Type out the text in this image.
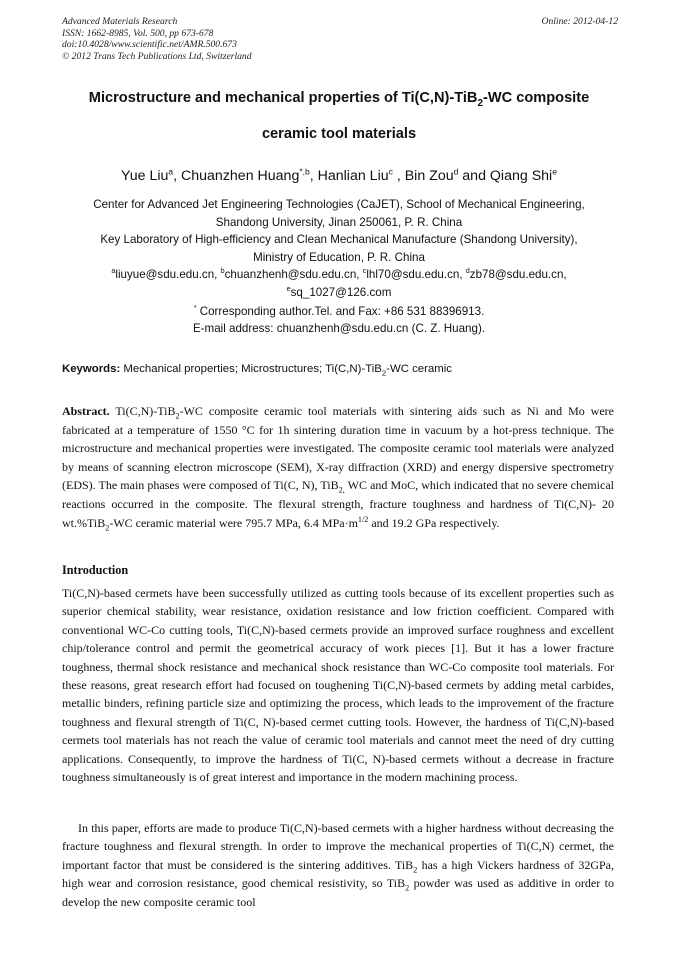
Advanced Materials Research
ISSN: 1662-8985, Vol. 500, pp 673-678
doi:10.4028/www.scientific.net/AMR.500.673
© 2012 Trans Tech Publications Ltd, Switzerland
Online: 2012-04-12
Microstructure and mechanical properties of Ti(C,N)-TiB$_2$-WC composite
ceramic tool materials
Yue Liu$^a$, Chuanzhen Huang$^{*,b}$, Hanlian Liu$^c$ , Bin Zou$^d$ and Qiang Shi$^e$
Center for Advanced Jet Engineering Technologies (CaJET), School of Mechanical Engineering,
Shandong University, Jinan 250061, P. R. China
Key Laboratory of High-efficiency and Clean Mechanical Manufacture (Shandong University),
Ministry of Education, P. R. China
$^a$liuyue@sdu.edu.cn, $^b$chuanzhenh@sdu.edu.cn, $^c$lhl70@sdu.edu.cn, $^d$zb78@sdu.edu.cn,
$^e$sq_1027@126.com
* Corresponding author.Tel. and Fax: +86 531 88396913.
E-mail address: chuanzhenh@sdu.edu.cn (C. Z. Huang).
Keywords: Mechanical properties; Microstructures; Ti(C,N)-TiB$_2$-WC ceramic
Abstract. Ti(C,N)-TiB$_2$-WC composite ceramic tool materials with sintering aids such as Ni and Mo were fabricated at a temperature of 1550 °C for 1h sintering duration time in vacuum by a hot-press technique. The microstructure and mechanical properties were investigated. The composite ceramic tool materials were analyzed by means of scanning electron microscope (SEM), X-ray diffraction (XRD) and energy dispersive spectrometry (EDS). The main phases were composed of Ti(C, N), TiB$_{2,}$ WC and MoC, which indicated that no severe chemical reactions occurred in the composite. The flexural strength, fracture toughness and hardness of Ti(C,N)- 20 wt.%TiB$_2$-WC ceramic material were 795.7 MPa, 6.4 $MPa\cdot m^{1/2}$ and 19.2 GPa respectively.
Introduction

Ti(C,N)-based cermets have been successfully utilized as cutting tools because of its excellent properties such as superior chemical stability, wear resistance, oxidation resistance and low friction coefficient. Compared with conventional WC-Co cutting tools, Ti(C,N)-based cermets provide an improved surface roughness and excellent chip/tolerance control and permit the geometrical accuracy of work pieces [1]. But it has a lower fracture toughness, thermal shock resistance and mechanical shock resistance than WC-Co composite tool materials. For these reasons, great research effort had focused on toughening Ti(C,N)-based cermets by adding metal carbides, metallic binders, refining particle size and optimizing the process, which leads to the improvement of the fracture toughness and flexural strength of Ti(C, N)-based cermet cutting tools. However, the hardness of Ti(C,N)-based cermets tool materials has not reach the value of ceramic tool materials and cannot meet the need of dry cutting applications. Consequently, to improve the hardness of Ti(C, N)-based cermets without a decrease in fracture toughness simultaneously is of great interest and importance in the modern machining process.

In this paper, efforts are made to produce Ti(C,N)-based cermets with a higher hardness without decreasing the fracture toughness and flexural strength. In order to improve the mechanical properties of Ti(C,N) cermet, the important factor that must be considered is the sintering additives. TiB$_2$ has a high Vickers hardness of 32GPa, high wear and corrosion resistance, good chemical resistivity, so TiB$_2$ powder was used as additive in order to develop the new composite ceramic tool
